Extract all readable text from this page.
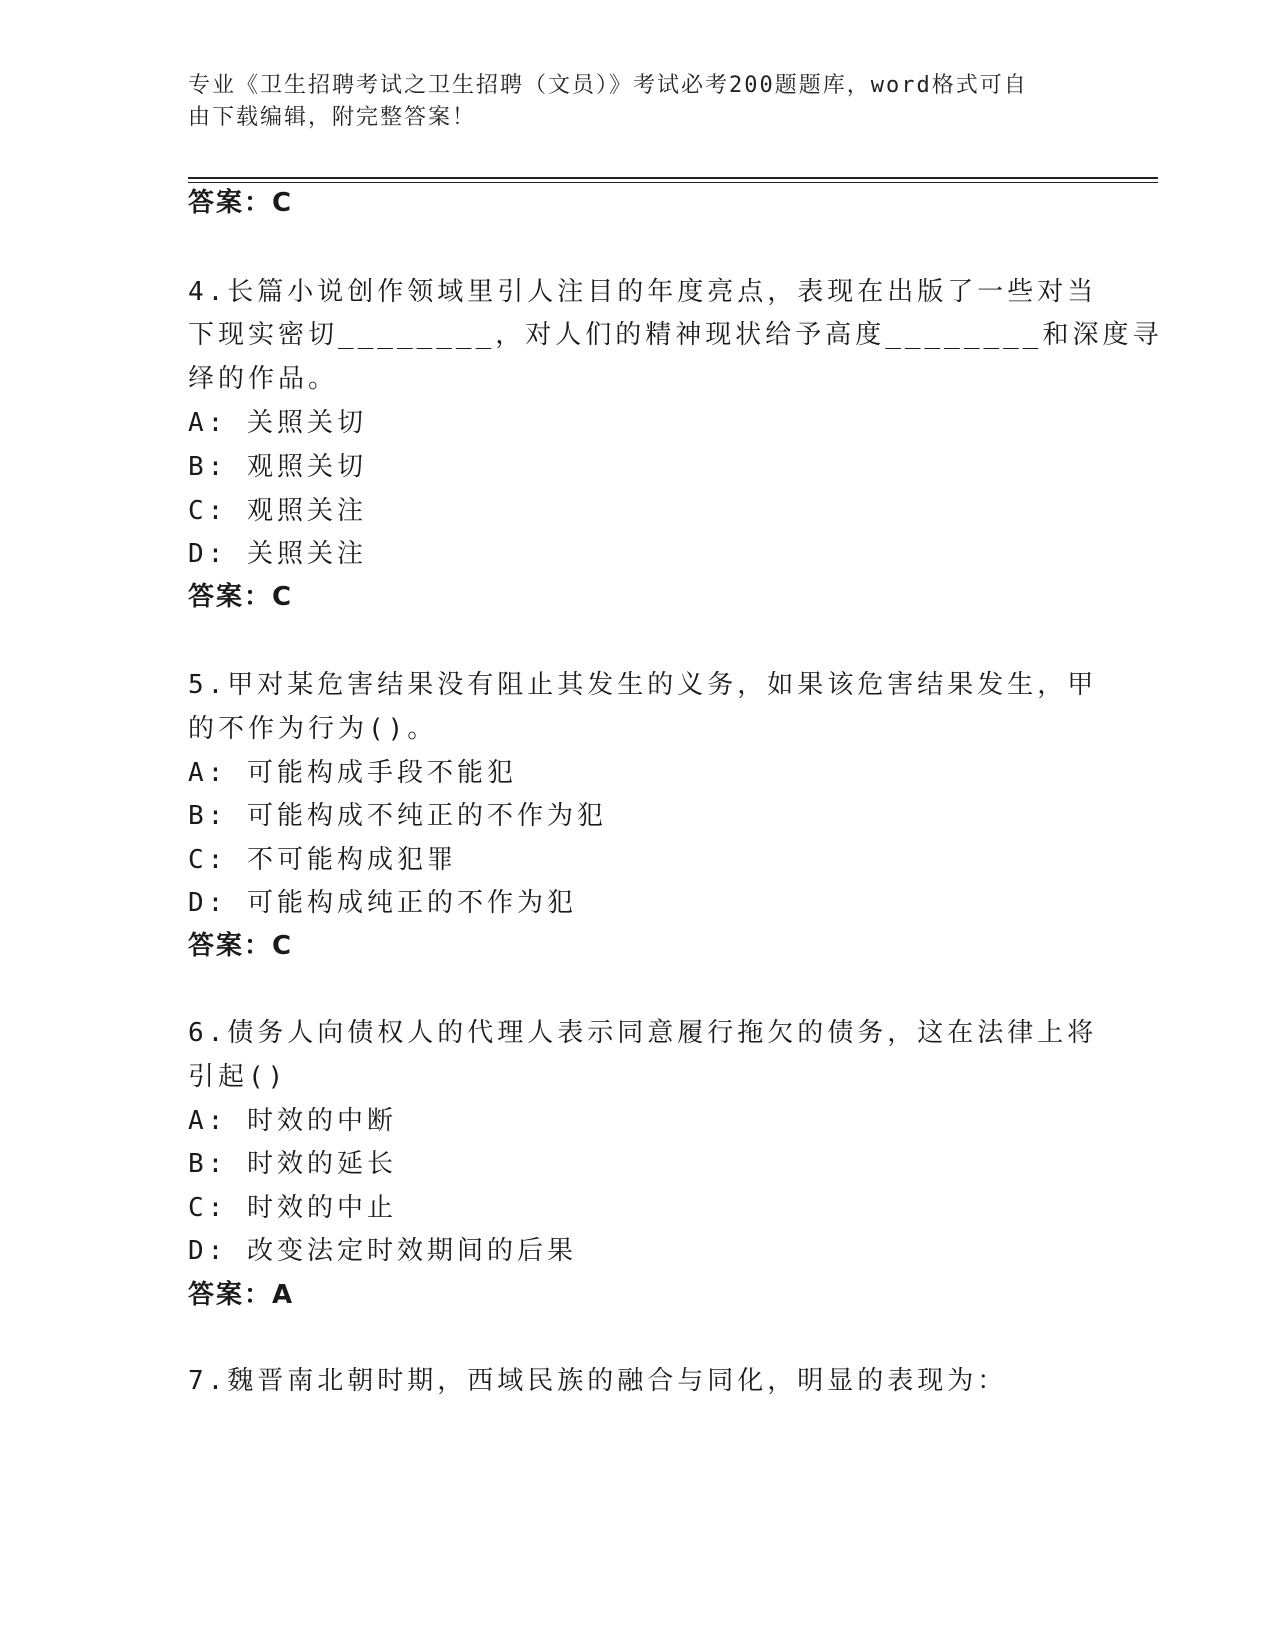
专业《卫生招聘考试之卫生招聘（文员）》考试必考200题题库，word格式可自
由下载编辑，附完整答案！
答案：C
4.长篇小说创作领域里引人注目的年度亮点，表现在出版了一些对当
下现实密切________，对人们的精神现状给予高度________和深度寻
绎的作品。
A: 关照关切
B: 观照关切
C: 观照关注
D: 关照关注
答案：C
5.甲对某危害结果没有阻止其发生的义务，如果该危害结果发生，甲
的不作为行为()。
A: 可能构成手段不能犯
B: 可能构成不纯正的不作为犯
C: 不可能构成犯罪
D: 可能构成纯正的不作为犯
答案：C
6.债务人向债权人的代理人表示同意履行拖欠的债务，这在法律上将
引起()
A: 时效的中断
B: 时效的延长
C: 时效的中止
D: 改变法定时效期间的后果
答案：A
7.魏晋南北朝时期，西域民族的融合与同化，明显的表现为：
